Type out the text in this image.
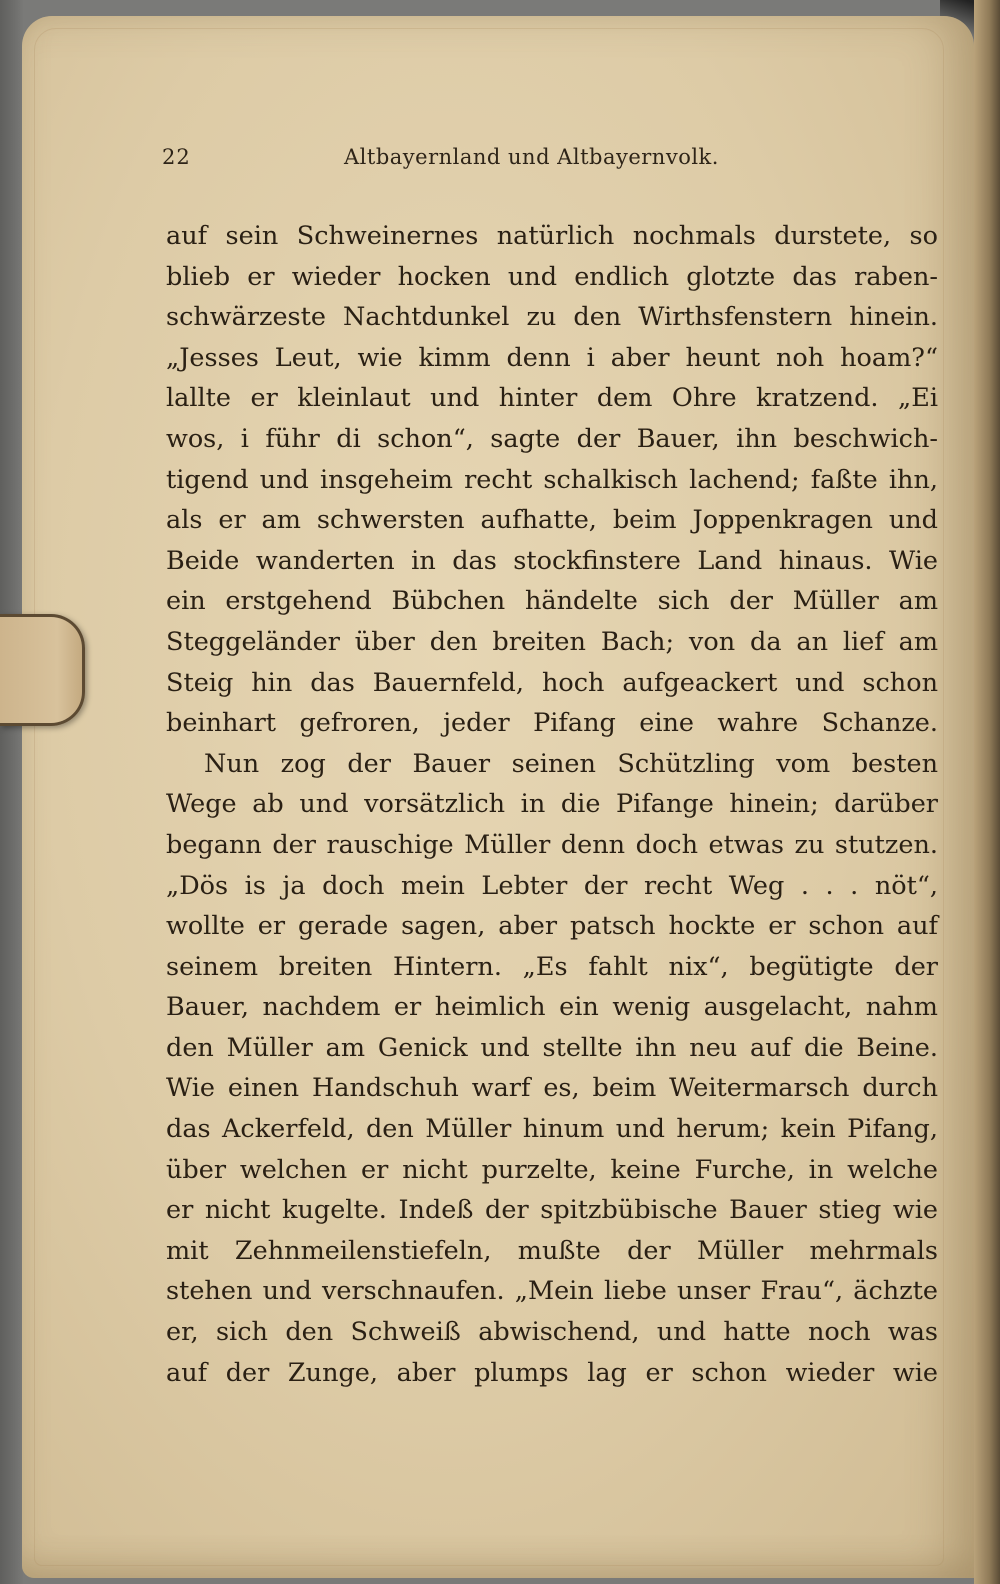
22	Altbayernland und Altbayernvolk.
auf sein Schweinernes natürlich nochmals durstete, so
blieb er wieder hocken und endlich glotzte das raben-
schwärzeste Nachtdunkel zu den Wirthsfenstern hinein.
„Jesses Leut, wie kimm denn i aber heunt noh hoam?“
lallte er kleinlaut und hinter dem Ohre kratzend. „Ei
wos, i führ di schon“, sagte der Bauer, ihn beschwich-
tigend und insgeheim recht schalkisch lachend; faßte ihn,
als er am schwersten aufhatte, beim Joppenkragen und
Beide wanderten in das stockfinstere Land hinaus. Wie
ein erstgehend Bübchen händelte sich der Müller am
Steggeländer über den breiten Bach; von da an lief am
Steig hin das Bauernfeld, hoch aufgeackert und schon
beinhart gefroren, jeder Pifang eine wahre Schanze.
Nun zog der Bauer seinen Schützling vom besten
Wege ab und vorsätzlich in die Pifange hinein; darüber
begann der rauschige Müller denn doch etwas zu stutzen.
„Dös is ja doch mein Lebter der recht Weg . . . nöt“,
wollte er gerade sagen, aber patsch hockte er schon auf
seinem breiten Hintern. „Es fahlt nix“, begütigte der
Bauer, nachdem er heimlich ein wenig ausgelacht, nahm
den Müller am Genick und stellte ihn neu auf die Beine.
Wie einen Handschuh warf es, beim Weitermarsch durch
das Ackerfeld, den Müller hinum und herum; kein Pifang,
über welchen er nicht purzelte, keine Furche, in welche
er nicht kugelte. Indeß der spitzbübische Bauer stieg wie
mit Zehnmeilenstiefeln, mußte der Müller mehrmals
stehen und verschnaufen. „Mein liebe unser Frau“, ächzte
er, sich den Schweiß abwischend, und hatte noch was
auf der Zunge, aber plumps lag er schon wieder wie
